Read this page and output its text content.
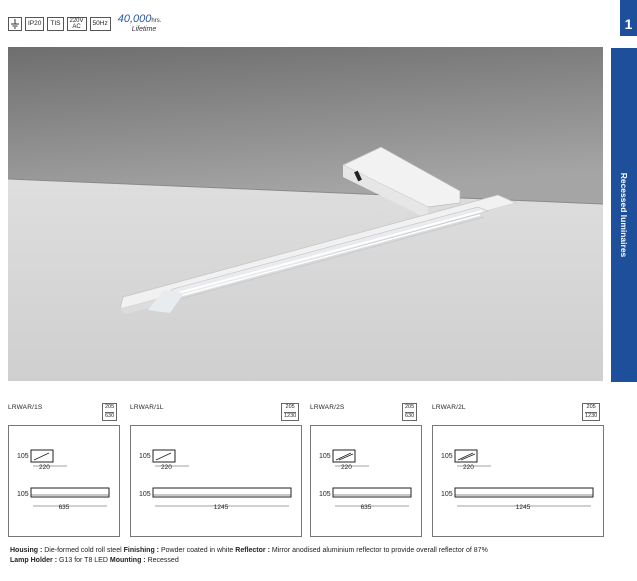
IP20	TIS	220V
AC	50Hz 40,000hrs.
Lifetime	1
Recessed luminaires
LRWAR/1S	205
630
105
220
105
635
LRWAR/1L	205
1230
105
220
105
1245
LRWAR/2S	205
630
105
220
105
635
LRWAR/2L	205
1230
105
220
105
1245
Housing : Die-formed cold roll steel Finishing : Powder coated in white Reflector : Mirror anodised aluminium reflector to provide overall reflector of 87%
Lamp Holder : G13 for T8 LED Mounting : Recessed
